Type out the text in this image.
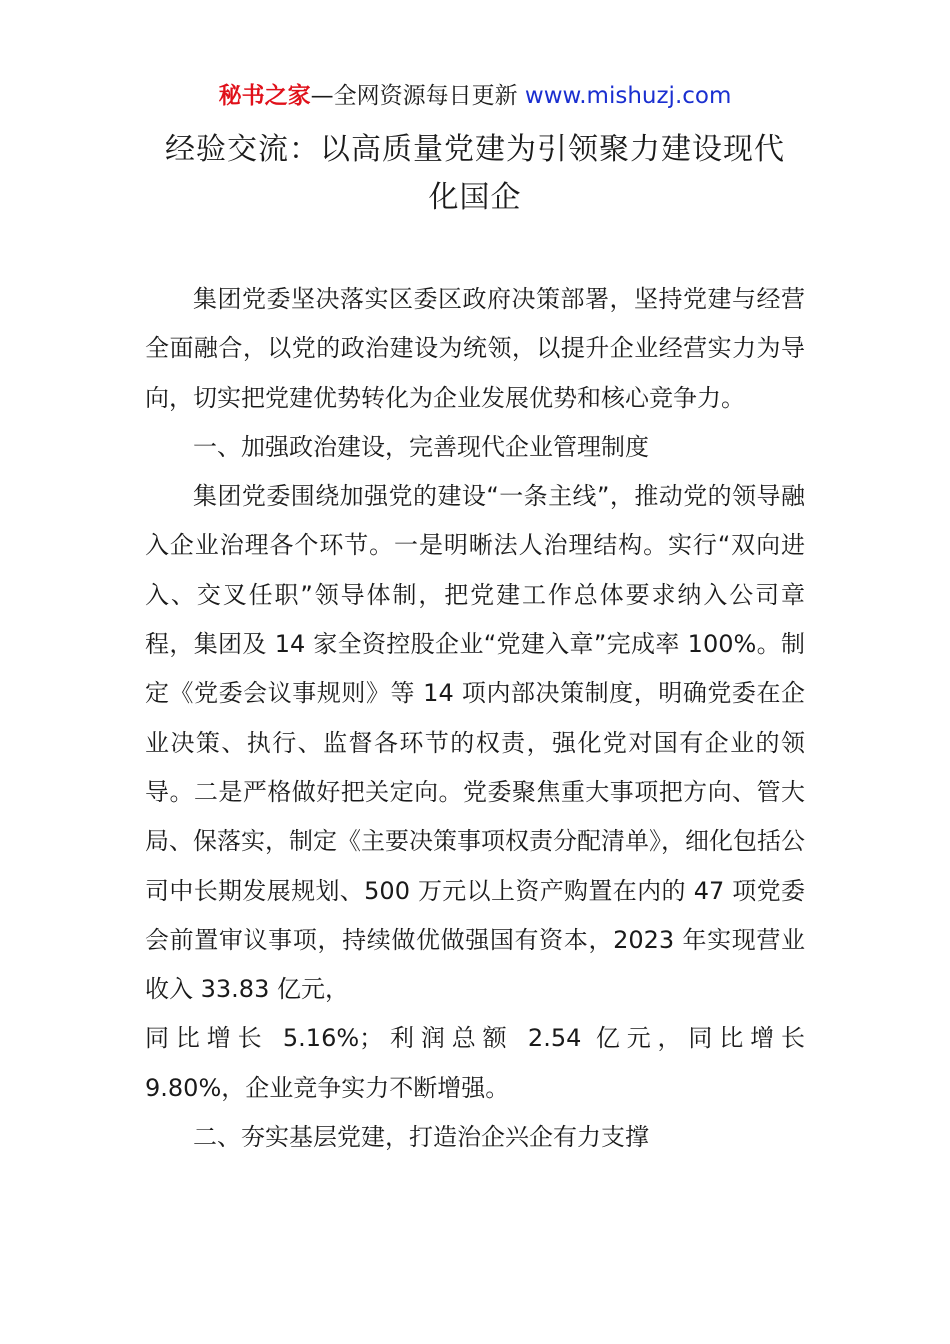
秘书之家—全网资源每日更新 www.mishuzj.com
经验交流：以高质量党建为引领聚力建设现代
化国企

集团党委坚决落实区委区政府决策部署，坚持党建与经营全面融合，以党的政治建设为统领，以提升企业经营实力为导向，切实把党建优势转化为企业发展优势和核心竞争力。

一、加强政治建设，完善现代企业管理制度

集团党委围绕加强党的建设“一条主线”，推动党的领导融入企业治理各个环节。一是明晰法人治理结构。实行“双向进入、交叉任职”领导体制，把党建工作总体要求纳入公司章程，集团及 14 家全资控股企业“党建入章”完成率 100%。制定《党委会议事规则》等 14 项内部决策制度，明确党委在企业决策、执行、监督各环节的权责，强化党对国有企业的领导。二是严格做好把关定向。党委聚焦重大事项把方向、管大局、保落实，制定《主要决策事项权责分配清单》，细化包括公司中长期发展规划、500 万元以上资产购置在内的 47 项党委会前置审议事项，持续做优做强国有资本，2023 年实现营业收入 33.83 亿元，

同比增长 5.16%；利润总额 2.54 亿元，同比增长
9.80%，企业竞争实力不断增强。

二、夯实基层党建，打造治企兴企有力支撑
